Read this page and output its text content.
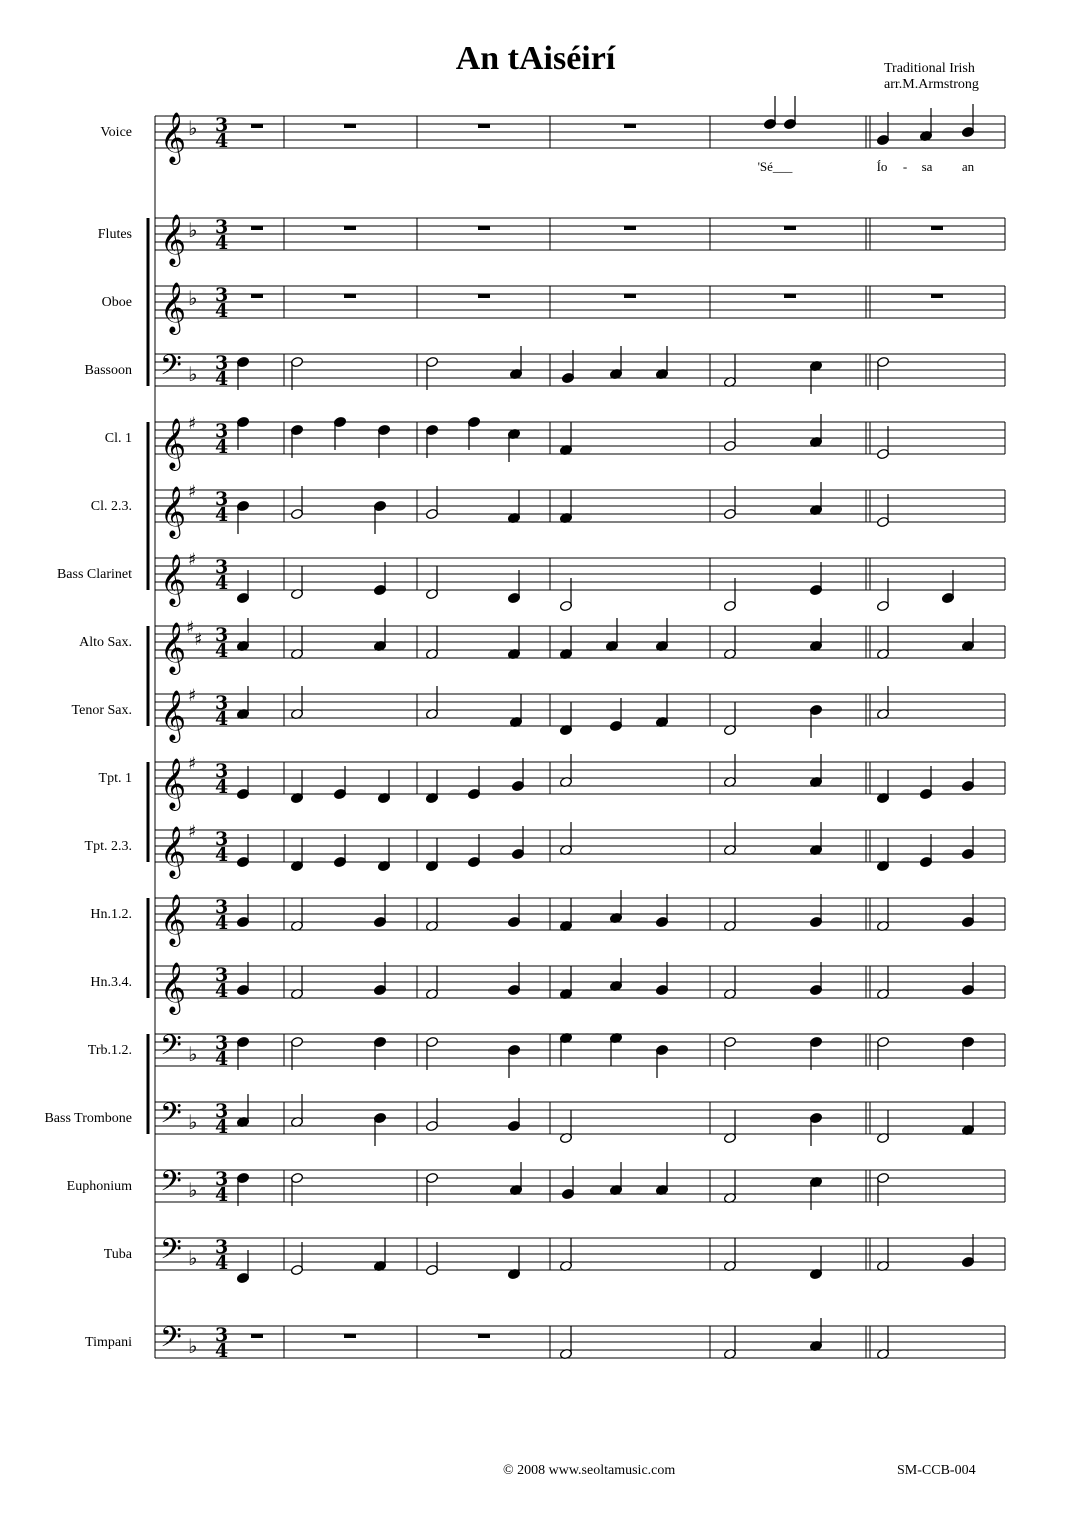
An tAiséirí	Traditional Irish
arr.M.Armstrong
Voice 𝄞 ♭ 3
4
Flutes 𝄞 ♭ 3
4
Oboe 𝄞 ♭ 3
4
Bassoon 𝄢 ♭ 3
4
Cl. 1 𝄞 ♯ 3
4
Cl. 2.3. 𝄞 ♯ 3
4
Bass Clarinet 𝄞 ♯ 3
4
Alto Sax. 𝄞 ♯
♯ 3
4
Tenor Sax. 𝄞 ♯ 3
4
Tpt. 1 𝄞 ♯ 3
4
Tpt. 2.3. 𝄞 ♯ 3
4
Hn.1.2. 𝄞 3
4
Hn.3.4. 𝄞 3
4
Trb.1.2. 𝄢 ♭ 3
4
Bass Trombone 𝄢 ♭ 3
4
Euphonium 𝄢 ♭ 3
4
Tuba 𝄢 ♭ 3
4
Timpani 𝄢 ♭ 3
4
'Sé___	Ío - sa an
© 2008 www.seoltamusic.com	SM-CCB-004
